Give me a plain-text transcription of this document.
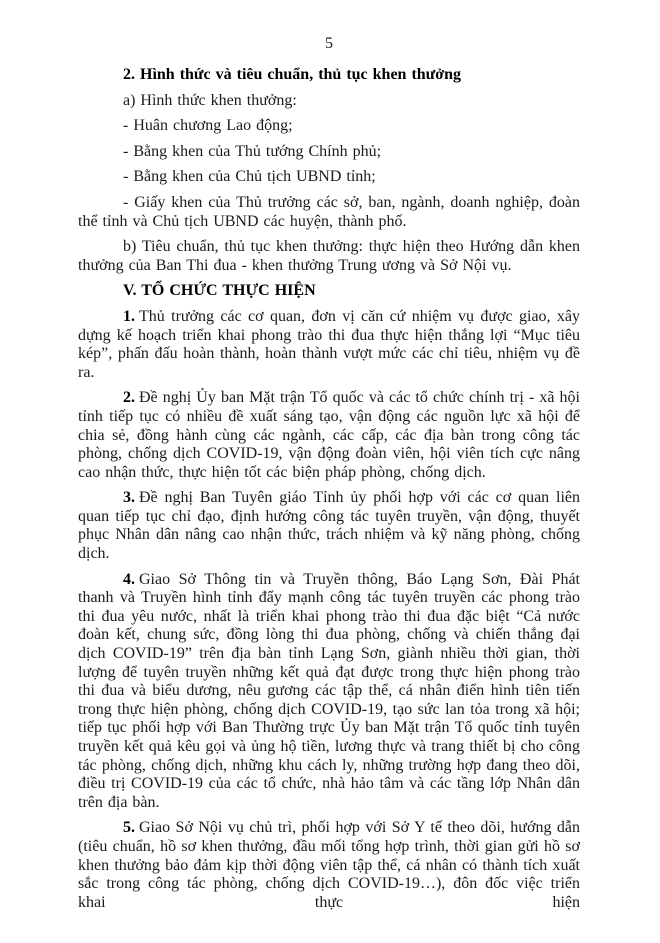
5

2. Hình thức và tiêu chuẩn, thủ tục khen thưởng

a) Hình thức khen thưởng:

- Huân chương Lao động;

- Bằng khen của Thủ tướng Chính phủ;

- Bằng khen của Chủ tịch UBND tỉnh;

- Giấy khen của Thủ trưởng các sở, ban, ngành, doanh nghiệp, đoàn thể tỉnh và Chủ tịch UBND các huyện, thành phố.

b) Tiêu chuẩn, thủ tục khen thưởng: thực hiện theo Hướng dẫn khen thưởng của Ban Thi đua - khen thưởng Trung ương và Sở Nội vụ.

V. TỔ CHỨC THỰC HIỆN

1. Thủ trưởng các cơ quan, đơn vị căn cứ nhiệm vụ được giao, xây dựng kế hoạch triển khai phong trào thi đua thực hiện thắng lợi “Mục tiêu kép”, phấn đấu hoàn thành, hoàn thành vượt mức các chỉ tiêu, nhiệm vụ đề ra.

2. Đề nghị Ủy ban Mặt trận Tổ quốc và các tổ chức chính trị - xã hội tỉnh tiếp tục có nhiều đề xuất sáng tạo, vận động các nguồn lực xã hội để chia sẻ, đồng hành cùng các ngành, các cấp, các địa bàn trong công tác phòng, chống dịch COVID-19, vận động đoàn viên, hội viên tích cực nâng cao nhận thức, thực hiện tốt các biện pháp phòng, chống dịch.

3. Đề nghị Ban Tuyên giáo Tỉnh ủy phối hợp với các cơ quan liên quan tiếp tục chỉ đạo, định hướng công tác tuyên truyền, vận động, thuyết phục Nhân dân nâng cao nhận thức, trách nhiệm và kỹ năng phòng, chống dịch.

4. Giao Sở Thông tin và Truyền thông, Báo Lạng Sơn, Đài Phát thanh và Truyền hình tỉnh đẩy mạnh công tác tuyên truyền các phong trào thi đua yêu nước, nhất là triển khai phong trào thi đua đặc biệt “Cả nước đoàn kết, chung sức, đồng lòng thi đua phòng, chống và chiến thắng đại dịch COVID-19” trên địa bàn tỉnh Lạng Sơn, giành nhiều thời gian, thời lượng để tuyên truyền những kết quả đạt được trong thực hiện phong trào thi đua và biểu dương, nêu gương các tập thể, cá nhân điển hình tiên tiến trong thực hiện phòng, chống dịch COVID-19, tạo sức lan tỏa trong xã hội; tiếp tục phối hợp với Ban Thường trực Ủy ban Mặt trận Tổ quốc tỉnh tuyên truyền kết quả kêu gọi và ủng hộ tiền, lương thực và trang thiết bị cho công tác phòng, chống dịch, những khu cách ly, những trường hợp đang theo dõi, điều trị COVID-19 của các tổ chức, nhà hảo tâm và các tầng lớp Nhân dân trên địa bàn.

5. Giao Sở Nội vụ chủ trì, phối hợp với Sở Y tế theo dõi, hướng dẫn (tiêu chuẩn, hồ sơ khen thưởng, đầu mối tổng hợp trình, thời gian gửi hồ sơ khen thưởng bảo đảm kịp thời động viên tập thể, cá nhân có thành tích xuất sắc trong công tác phòng, chống dịch COVID-19…), đôn đốc việc triển khai thực hiện
